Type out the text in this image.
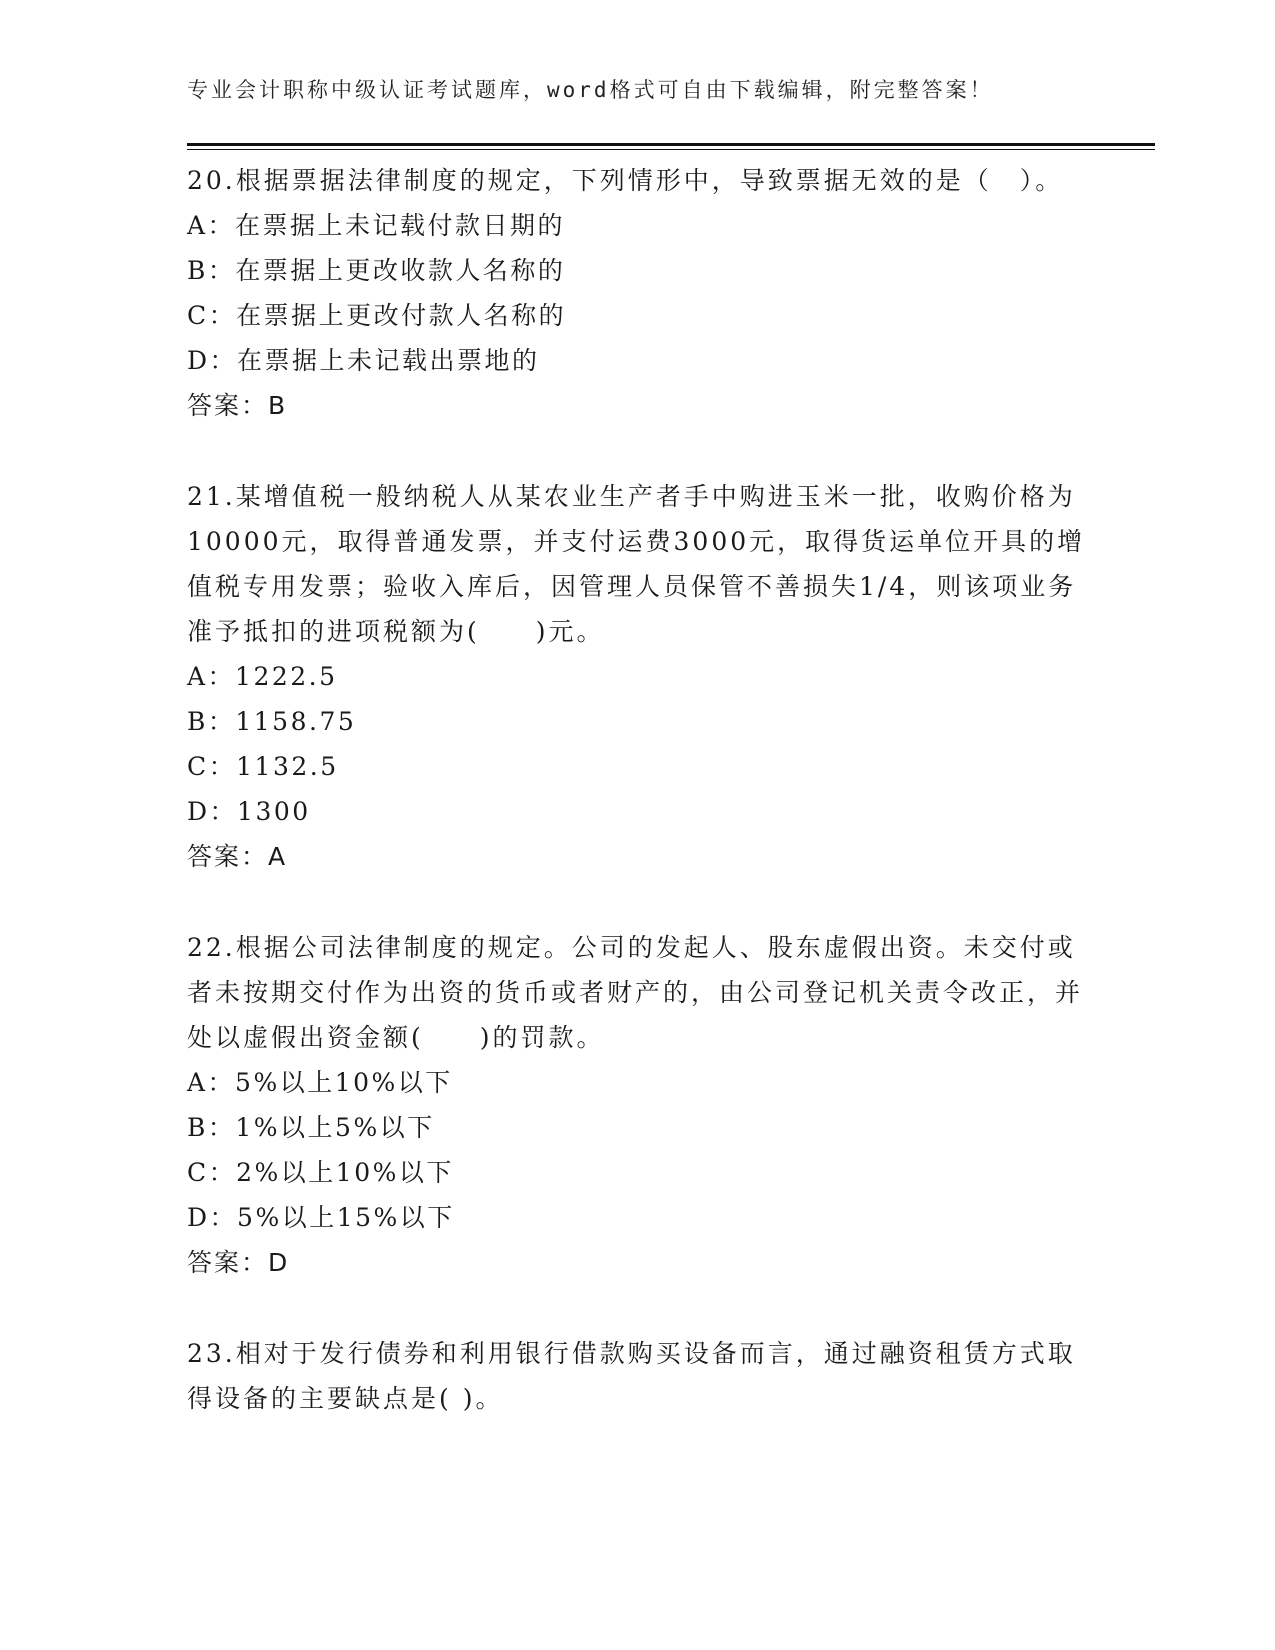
专业会计职称中级认证考试题库，word格式可自由下载编辑，附完整答案！

20.根据票据法律制度的规定，下列情形中，导致票据无效的是（　）。

A：在票据上未记载付款日期的

B：在票据上更改收款人名称的

C：在票据上更改付款人名称的

D：在票据上未记载出票地的

答案：B

21.某增值税一般纳税人从某农业生产者手中购进玉米一批，收购价格为10000元，取得普通发票，并支付运费3000元，取得货运单位开具的增值税专用发票；验收入库后，因管理人员保管不善损失1/4，则该项业务准予抵扣的进项税额为(　　)元。

A：1222.5

B：1158.75

C：1132.5

D：1300

答案：A

22.根据公司法律制度的规定。公司的发起人、股东虚假出资。未交付或者未按期交付作为出资的货币或者财产的，由公司登记机关责令改正，并处以虚假出资金额(　　)的罚款。

A：5%以上10%以下

B：1%以上5%以下

C：2%以上10%以下

D：5%以上15%以下

答案：D

23.相对于发行债券和利用银行借款购买设备而言，通过融资租赁方式取得设备的主要缺点是( )。
